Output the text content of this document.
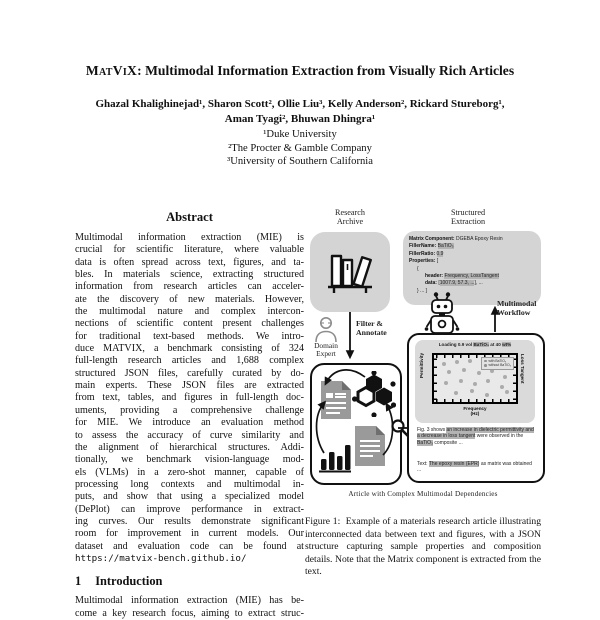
MatViX: Multimodal Information Extraction from Visually Rich Articles
Ghazal Khalighinejad¹, Sharon Scott², Ollie Liu³, Kelly Anderson², Rickard Stureborg¹,
Aman Tyagi², Bhuwan Dhingra¹
¹Duke University
²The Procter & Gamble Company
³University of Southern California
Abstract
Multimodal information extraction (MIE) is
crucial for scientific literature, where valuable
data is often spread across text, figures, and ta-
bles. In materials science, extracting structured
information from research articles can acceler-
ate the discovery of new materials. However,
the multimodal nature and complex intercon-
nections of scientific content present challenges
for traditional text-based methods. We intro-
duce MATVIX, a benchmark consisting of 324
full-length research articles and 1,688 complex
structured JSON files, carefully curated by do-
main experts. These JSON files are extracted
from text, tables, and figures in full-length doc-
uments, providing a comprehensive challenge
for MIE. We introduce an evaluation method
to assess the accuracy of curve similarity and
the alignment of hierarchical structures. Addi-
tionally, we benchmark vision-language mod-
els (VLMs) in a zero-shot manner, capable of
processing long contexts and multimodal in-
puts, and show that using a specialized model
(DePlot) can improve performance in extract-
ing curves. Our results demonstrate significant
room for improvement in current models. Our
dataset and evaluation code can be found at
https://matvix-bench.github.io/
1 Introduction
Multimodal information extraction (MIE) has be-
come a key research focus, aiming to extract struc-
Research
Archive
Structured
Extraction
Matrix Component: DGEBA Epoxy Resin
FillerName: BaTiO₃
FillerRatio: 0.9
Properties: [
{
header: Frequency, LossTangent
data: [1007.9, 57.3, ...], ...
} ... ]
Domain
Expert
Filter &
Annotate
Multimodal
Workflow
Loading 0.9 vol BaTiO₃ at 40 wt%
with BaTiO₃
without BaTiO₃
Permittivity	Loss Tangent
Frequency
(Hz)
Fig. 3 shows an increase in dielectric permittivity and a decrease in loss tangent were observed in the BaTiO₃ composite ...
Text: The epoxy resin (EPR) as matrix was obtained ...
Article with Complex Multimodal Dependencies
Figure 1: Example of a materials research article illustrating interconnected data between text and figures, with a JSON structure capturing sample properties and composition details. Note that the Matrix component is extracted from the text.
